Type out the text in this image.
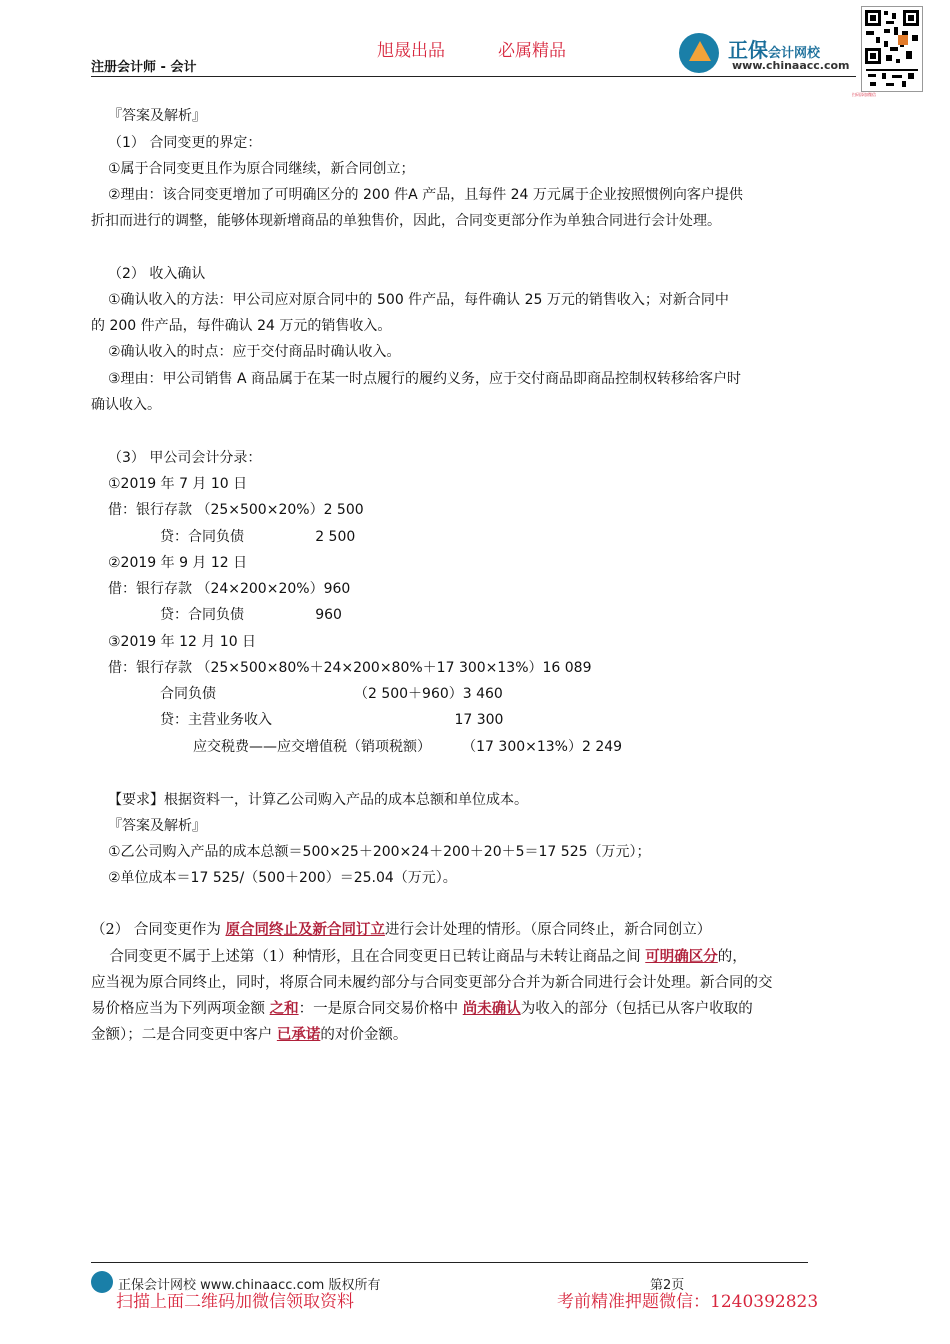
旭晟出品	必属精品
注册会计师 - 会计
正保会计网校
www.chinaacc.com
扫码添加微信
『答案及解析』
（1） 合同变更的界定：
①属于合同变更且作为原合同继续，新合同创立；
②理由：该合同变更增加了可明确区分的 200 件A 产品，且每件 24 万元属于企业按照惯例向客户提供
折扣而进行的调整，能够体现新增商品的单独售价，因此，合同变更部分作为单独合同进行会计处理。
（2） 收入确认
①确认收入的方法：甲公司应对原合同中的 500 件产品，每件确认 25 万元的销售收入；对新合同中
的 200 件产品，每件确认 24 万元的销售收入。
②确认收入的时点：应于交付商品时确认收入。
③理由：甲公司销售 A 商品属于在某一时点履行的履约义务，应于交付商品即商品控制权转移给客户时
确认收入。
（3） 甲公司会计分录：
①2019 年 7 月 10 日
借：银行存款 （25×500×20%）2 500
贷：合同负债                2 500
②2019 年 9 月 12 日
借：银行存款 （24×200×20%）960
贷：合同负债                960
③2019 年 12 月 10 日
借：银行存款 （25×500×80%＋24×200×80%＋17 300×13%）16 089
合同负债                               （2 500＋960）3 460
贷：主营业务收入                                         17 300
应交税费——应交增值税（销项税额）       （17 300×13%）2 249
【要求】根据资料一，计算乙公司购入产品的成本总额和单位成本。
『答案及解析』
①乙公司购入产品的成本总额＝500×25＋200×24＋200＋20＋5＝17 525（万元）；
②单位成本＝17 525/（500＋200）＝25.04（万元）。
（2） 合同变更作为 原合同终止及新合同订立进行会计处理的情形。（原合同终止，新合同创立）
合同变更不属于上述第（1）种情形，且在合同变更日已转让商品与未转让商品之间 可明确区分的，
应当视为原合同终止，同时，将原合同未履约部分与合同变更部分合并为新合同进行会计处理。新合同的交
易价格应当为下列两项金额 之和：一是原合同交易价格中 尚未确认为收入的部分（包括已从客户收取的
金额）；二是合同变更中客户 已承诺的对价金额。
正保会计网校 www.chinaacc.com 版权所有	第2页
扫描上面二维码加微信领取资料	考前精准押题微信：1240392823
